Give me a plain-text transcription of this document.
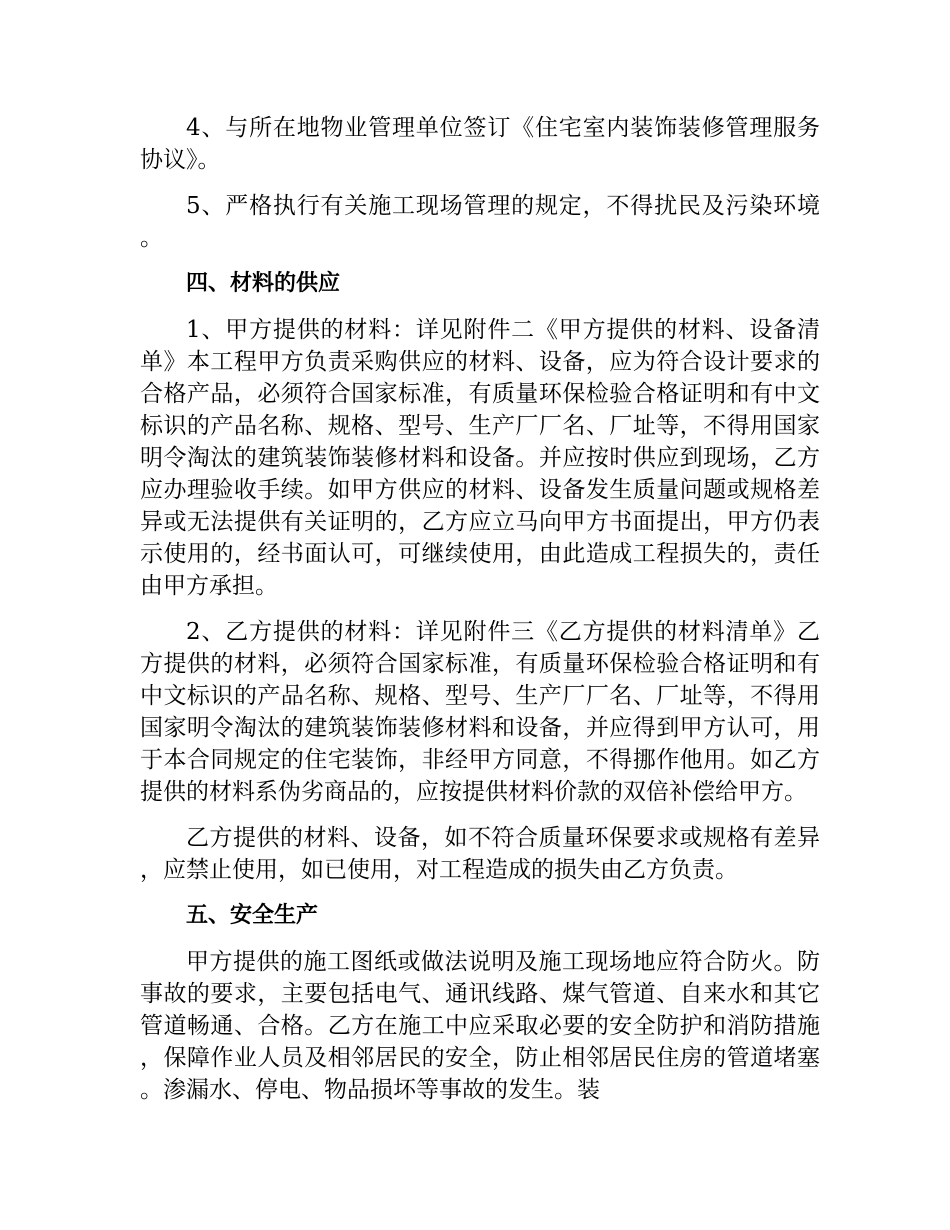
4、与所在地物业管理单位签订《住宅室内装饰装修管理服务协议》。

5、严格执行有关施工现场管理的规定，不得扰民及污染环境。

四、材料的供应

1、甲方提供的材料：详见附件二《甲方提供的材料、设备清单》本工程甲方负责采购供应的材料、设备，应为符合设计要求的合格产品，必须符合国家标准，有质量环保检验合格证明和有中文标识的产品名称、规格、型号、生产厂厂名、厂址等，不得用国家明令淘汰的建筑装饰装修材料和设备。并应按时供应到现场，乙方应办理验收手续。如甲方供应的材料、设备发生质量问题或规格差异或无法提供有关证明的，乙方应立马向甲方书面提出，甲方仍表示使用的，经书面认可，可继续使用，由此造成工程损失的，责任由甲方承担。

2、乙方提供的材料：详见附件三《乙方提供的材料清单》乙方提供的材料，必须符合国家标准，有质量环保检验合格证明和有中文标识的产品名称、规格、型号、生产厂厂名、厂址等，不得用国家明令淘汰的建筑装饰装修材料和设备，并应得到甲方认可，用于本合同规定的住宅装饰，非经甲方同意，不得挪作他用。如乙方提供的材料系伪劣商品的，应按提供材料价款的双倍补偿给甲方。

乙方提供的材料、设备，如不符合质量环保要求或规格有差异，应禁止使用，如已使用，对工程造成的损失由乙方负责。

五、安全生产

甲方提供的施工图纸或做法说明及施工现场地应符合防火。防事故的要求，主要包括电气、通讯线路、煤气管道、自来水和其它管道畅通、合格。乙方在施工中应采取必要的安全防护和消防措施，保障作业人员及相邻居民的安全，防止相邻居民住房的管道堵塞。渗漏水、停电、物品损坏等事故的发生。装
